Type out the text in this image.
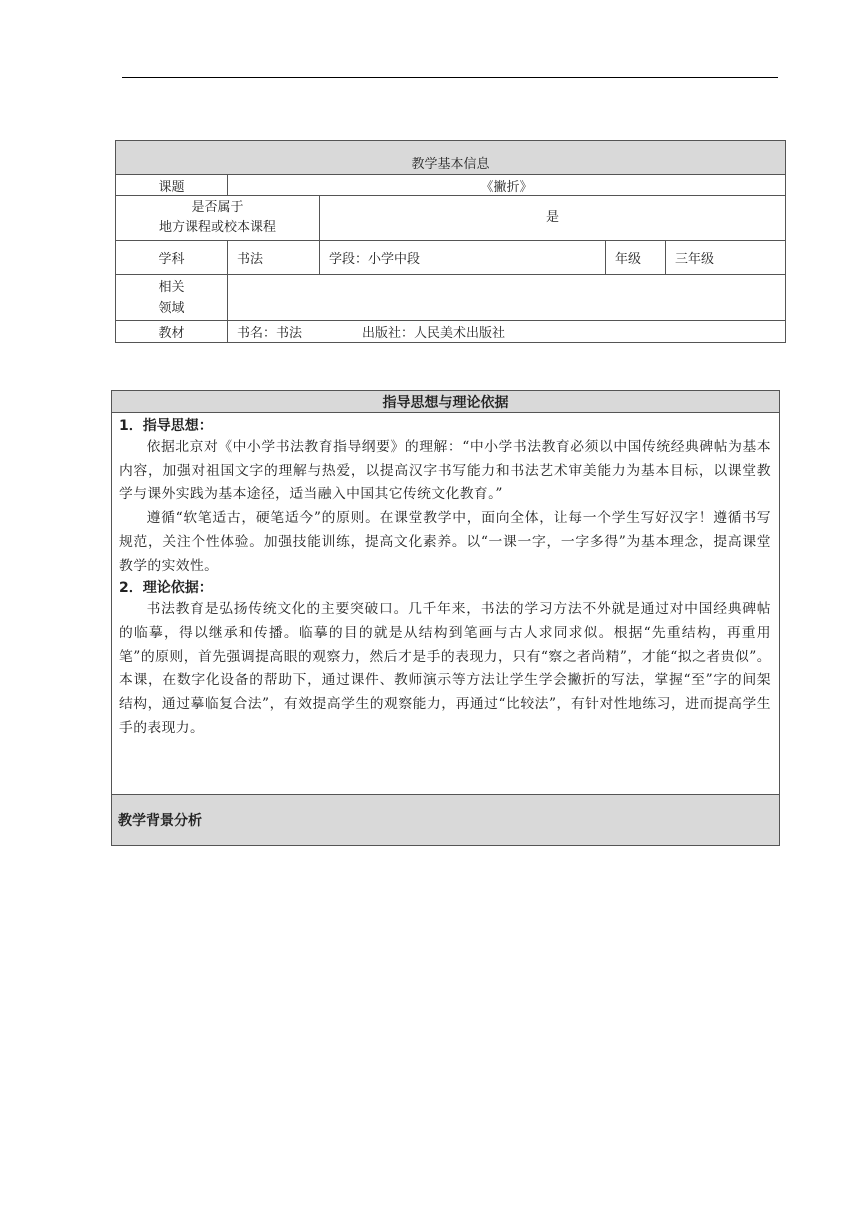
教学基本信息				
课题	《撇折》			

是否属于
地方课程或校本课程		是		
学科	书法	学段：小学中段	年级	三年级

相关
领域				

教材	书名：书法 出版社：人民美术出版社			
指导思想与理论依据

1．指导思想：

依据北京对《中小学书法教育指导纲要》的理解：“中小学书法教育必须以中国传统经典碑帖为基本内容，加强对祖国文字的理解与热爱，以提高汉字书写能力和书法艺术审美能力为基本目标，以课堂教学与课外实践为基本途径，适当融入中国其它传统文化教育。”

遵循“软笔适古，硬笔适今”的原则。在课堂教学中，面向全体，让每一个学生写好汉字！遵循书写规范，关注个性体验。加强技能训练，提高文化素养。以“一课一字，一字多得”为基本理念，提高课堂教学的实效性。

2．理论依据：

书法教育是弘扬传统文化的主要突破口。几千年来，书法的学习方法不外就是通过对中国经典碑帖的临摹，得以继承和传播。临摹的目的就是从结构到笔画与古人求同求似。根据“先重结构，再重用笔”的原则，首先强调提高眼的观察力，然后才是手的表现力，只有“察之者尚精”，才能“拟之者贵似”。本课，在数字化设备的帮助下，通过课件、教师演示等方法让学生学会撇折的写法，掌握“至”字的间架结构，通过摹临复合法”，有效提高学生的观察能力，再通过“比较法”，有针对性地练习，进而提高学生手的表现力。

教学背景分析
